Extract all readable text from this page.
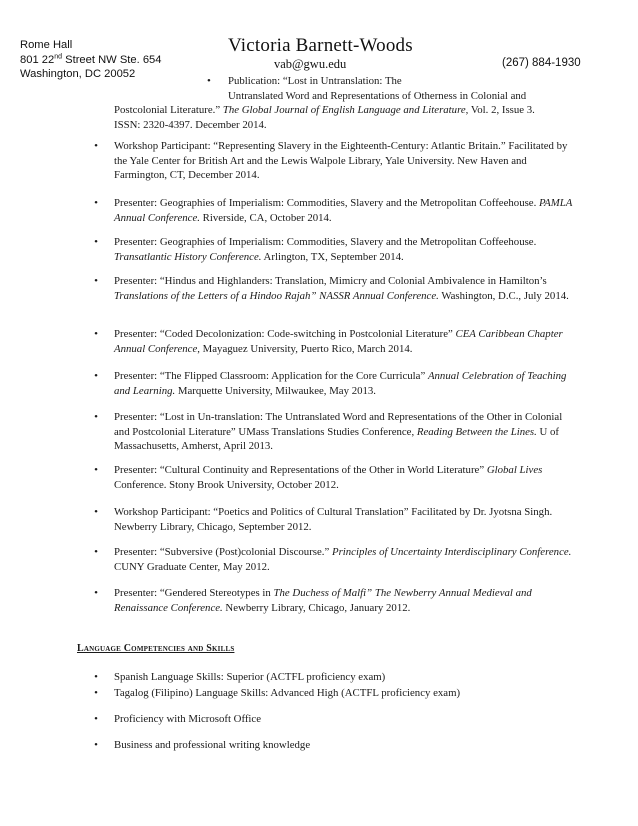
Rome Hall
801 22nd Street NW Ste. 654
Washington, DC 20052
Victoria Barnett-Woods
vab@gwu.edu	(267) 884-1930
• Publication: “Lost in Untranslation: The
Untranslated Word and Representations of Otherness in Colonial and
Postcolonial Literature.” The Global Journal of English Language and Literature, Vol. 2, Issue 3.
ISSN: 2320-4397. December 2014.
• Workshop Participant: “Representing Slavery in the Eighteenth-Century: Atlantic Britain.” Facilitated by the Yale Center for British Art and the Lewis Walpole Library, Yale University. New Haven and Farmington, CT, December 2014.
• Presenter: Geographies of Imperialism: Commodities, Slavery and the Metropolitan Coffeehouse. PAMLA Annual Conference. Riverside, CA, October 2014.
• Presenter: Geographies of Imperialism: Commodities, Slavery and the Metropolitan Coffeehouse. Transatlantic History Conference. Arlington, TX, September 2014.
• Presenter: “Hindus and Highlanders: Translation, Mimicry and Colonial Ambivalence in Hamilton’s Translations of the Letters of a Hindoo Rajah” NASSR Annual Conference. Washington, D.C., July 2014.
• Presenter: “Coded Decolonization: Code-switching in Postcolonial Literature” CEA Caribbean Chapter Annual Conference, Mayaguez University, Puerto Rico, March 2014.
• Presenter: “The Flipped Classroom: Application for the Core Curricula” Annual Celebration of Teaching and Learning. Marquette University, Milwaukee, May 2013.
• Presenter: “Lost in Un-translation: The Untranslated Word and Representations of the Other in Colonial and Postcolonial Literature” UMass Translations Studies Conference, Reading Between the Lines. U of Massachusetts, Amherst, April 2013.
• Presenter: “Cultural Continuity and Representations of the Other in World Literature” Global Lives Conference. Stony Brook University, October 2012.
• Workshop Participant: “Poetics and Politics of Cultural Translation” Facilitated by Dr. Jyotsna Singh. Newberry Library, Chicago, September 2012.
• Presenter: “Subversive (Post)colonial Discourse.” Principles of Uncertainty Interdisciplinary Conference. CUNY Graduate Center, May 2012.
• Presenter: “Gendered Stereotypes in The Duchess of Malfi” The Newberry Annual Medieval and Renaissance Conference. Newberry Library, Chicago, January 2012.
Language Competencies and Skills
• Spanish Language Skills: Superior (ACTFL proficiency exam)
• Tagalog (Filipino) Language Skills: Advanced High (ACTFL proficiency exam)
• Proficiency with Microsoft Office
• Business and professional writing knowledge
